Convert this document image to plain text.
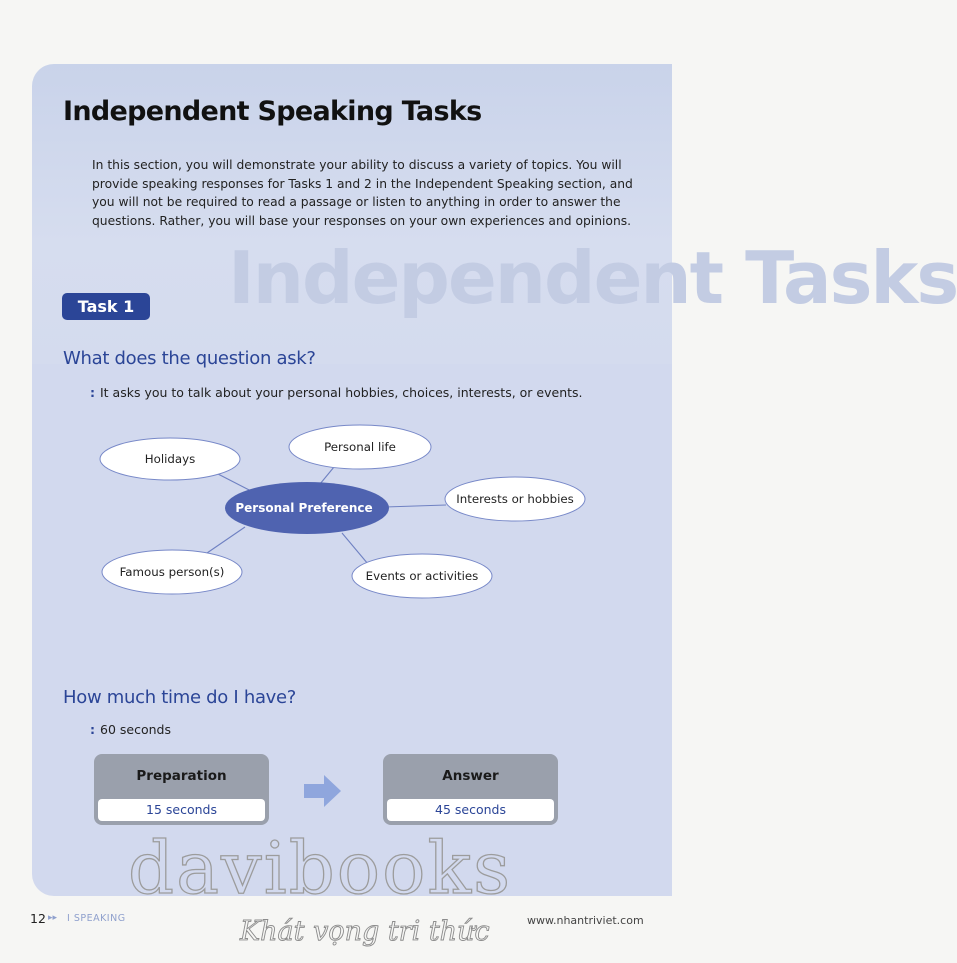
Independent Tasks
Independent Speaking Tasks
In this section, you will demonstrate your ability to discuss a variety of topics. You will provide speaking responses for Tasks 1 and 2 in the Independent Speaking section, and you will not be required to read a passage or listen to anything in order to answer the questions. Rather, you will base your responses on your own experiences and opinions.
Task 1
What does the question ask?
: It asks you to talk about your personal hobbies, choices, interests, or events.
Personal Preference
Holidays
Personal life
Interests or hobbies
Famous person(s)	Events or activities
How much time do I have?
: 60 seconds
Preparation
15 seconds
Answer
45 seconds
davibooks
Khát vọng tri thức
12 ▸▸ I SPEAKING	www.nhantriviet.com
